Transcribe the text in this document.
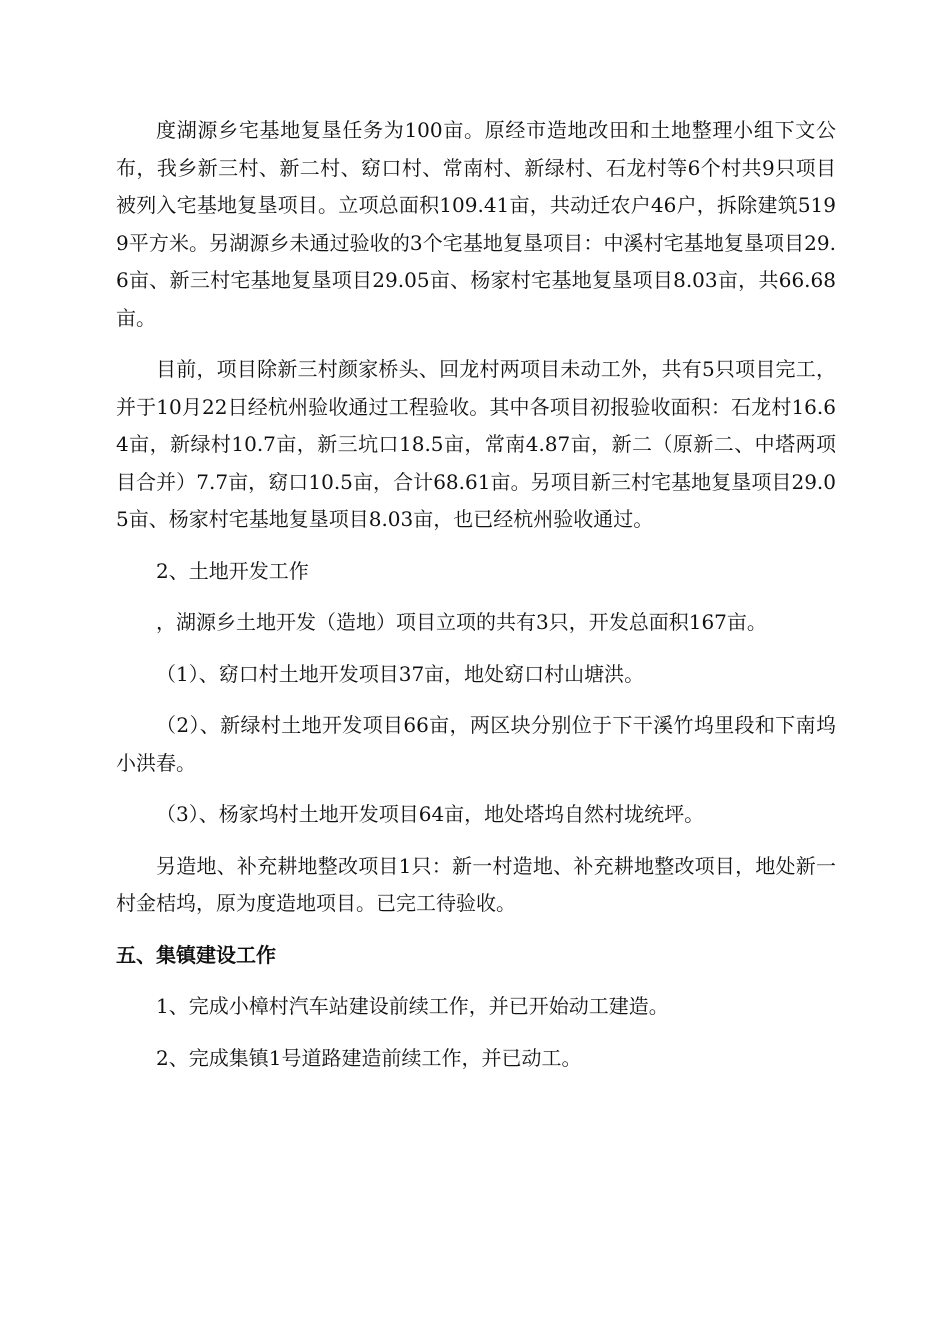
度湖源乡宅基地复垦任务为100亩。原经市造地改田和土地整理小组下文公布，我乡新三村、新二村、窈口村、常南村、新绿村、石龙村等6个村共9只项目被列入宅基地复垦项目。立项总面积109.41亩，共动迁农户46户，拆除建筑5199平方米。另湖源乡未通过验收的3个宅基地复垦项目：中溪村宅基地复垦项目29.6亩、新三村宅基地复垦项目29.05亩、杨家村宅基地复垦项目8.03亩，共66.68亩。

目前，项目除新三村颜家桥头、回龙村两项目未动工外，共有5只项目完工，并于10月22日经杭州验收通过工程验收。其中各项目初报验收面积：石龙村16.64亩，新绿村10.7亩，新三坑口18.5亩，常南4.87亩，新二（原新二、中塔两项目合并）7.7亩，窈口10.5亩，合计68.61亩。另项目新三村宅基地复垦项目29.05亩、杨家村宅基地复垦项目8.03亩，也已经杭州验收通过。

2、土地开发工作

，湖源乡土地开发（造地）项目立项的共有3只，开发总面积167亩。

（1）、窈口村土地开发项目37亩，地处窈口村山塘洪。

（2）、新绿村土地开发项目66亩，两区块分别位于下干溪竹坞里段和下南坞小洪春。

（3）、杨家坞村土地开发项目64亩，地处塔坞自然村垅统坪。

另造地、补充耕地整改项目1只：新一村造地、补充耕地整改项目，地处新一村金桔坞，原为度造地项目。已完工待验收。

五、集镇建设工作

1、完成小樟村汽车站建设前续工作，并已开始动工建造。

2、完成集镇1号道路建造前续工作，并已动工。
